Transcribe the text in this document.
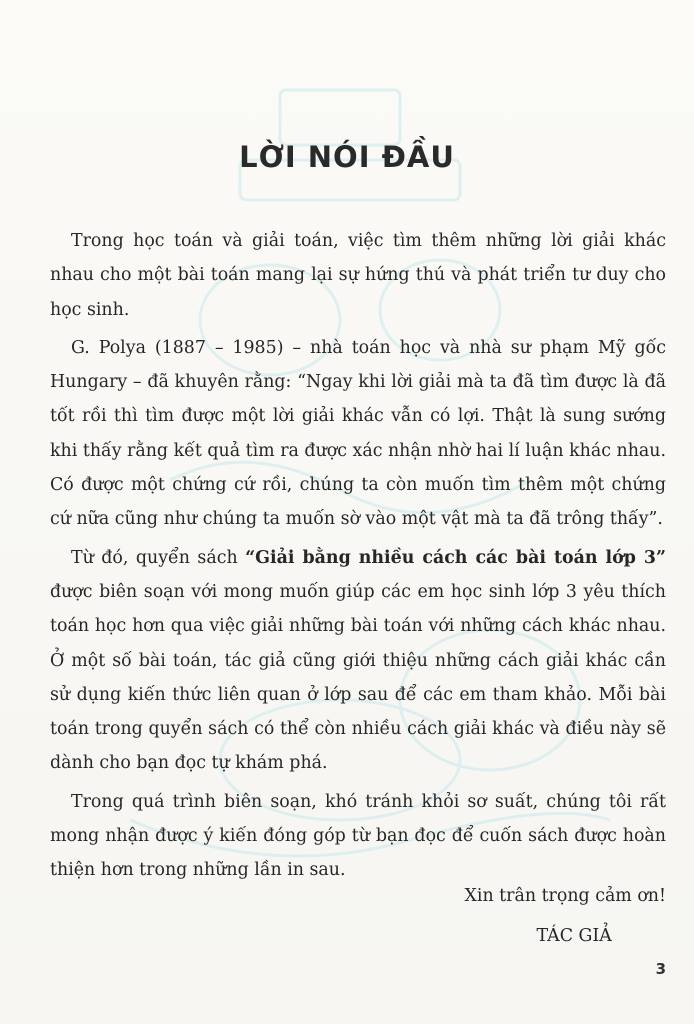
LỜI NÓI ĐẦU

Trong học toán và giải toán, việc tìm thêm những lời giải khác nhau cho một bài toán mang lại sự hứng thú và phát triển tư duy cho học sinh.

G. Polya (1887 – 1985) – nhà toán học và nhà sư phạm Mỹ gốc Hungary – đã khuyên rằng: “Ngay khi lời giải mà ta đã tìm được là đã tốt rồi thì tìm được một lời giải khác vẫn có lợi. Thật là sung sướng khi thấy rằng kết quả tìm ra được xác nhận nhờ hai lí luận khác nhau. Có được một chứng cứ rồi, chúng ta còn muốn tìm thêm một chứng cứ nữa cũng như chúng ta muốn sờ vào một vật mà ta đã trông thấy”.

Từ đó, quyển sách “Giải bằng nhiều cách các bài toán lớp 3” được biên soạn với mong muốn giúp các em học sinh lớp 3 yêu thích toán học hơn qua việc giải những bài toán với những cách khác nhau. Ở một số bài toán, tác giả cũng giới thiệu những cách giải khác cần sử dụng kiến thức liên quan ở lớp sau để các em tham khảo. Mỗi bài toán trong quyển sách có thể còn nhiều cách giải khác và điều này sẽ dành cho bạn đọc tự khám phá.

Trong quá trình biên soạn, khó tránh khỏi sơ suất, chúng tôi rất mong nhận được ý kiến đóng góp từ bạn đọc để cuốn sách được hoàn thiện hơn trong những lần in sau.

Xin trân trọng cảm ơn!
TÁC GIẢ
3
